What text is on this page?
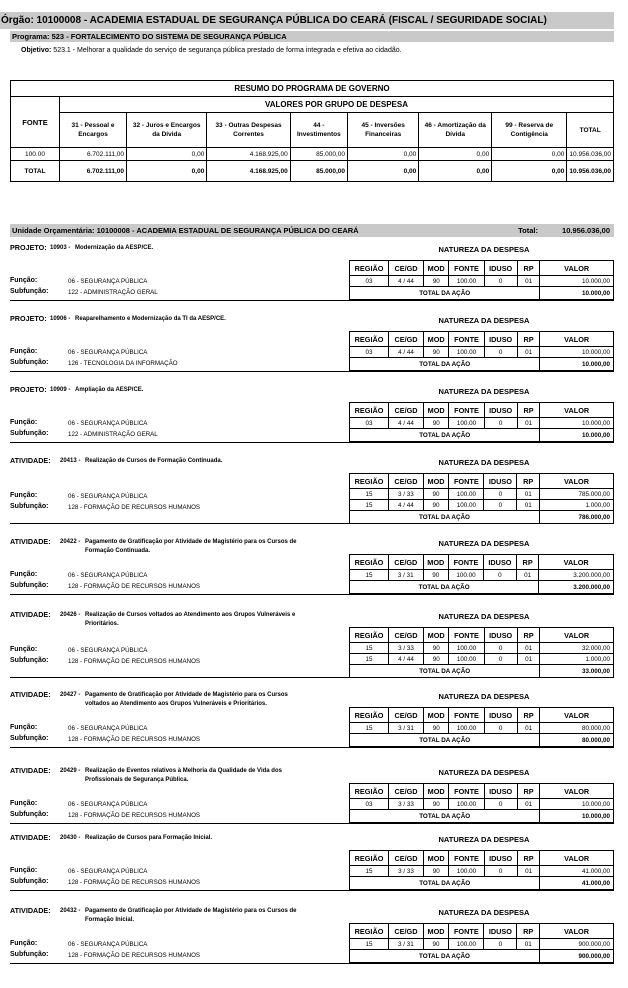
Órgão: 10100008 - ACADEMIA ESTADUAL DE SEGURANÇA PÚBLICA DO CEARÁ (FISCAL / SEGURIDADE SOCIAL)
Programa: 523 - FORTALECIMENTO DO SISTEMA DE SEGURANÇA PÚBLICA
Objetivo: 523.1 - Melhorar a qualidade do serviço de segurança pública prestado de forma integrada e efetiva ao cidadão.
RESUMO DO PROGRAMA DE GOVERNO								
FONTE	VALORES POR GRUPO DE DESPESA							
	31 - Pessoal e Encargos	32 - Juros e Encargos da Dívida	33 - Outras Despesas Correntes	44 - Investimentos	45 - Inversões Financeiras	46 - Amortização da Dívida	99 - Reserva de Contigência	TOTAL
100.00	6.702.111,00	0,00	4.168.925,00	85.000,00	0,00	0,00	0,00	10.956.036,00
TOTAL	6.702.111,00	0,00	4.168.925,00	85.000,00	0,00	0,00	0,00	10.956.036,00
Unidade Orçamentária: 10100008 - ACADEMIA ESTADUAL DE SEGURANÇA PÚBLICA DO CEARÁ	Total:	10.956.036,00
PROJETO: 10903 - Modernização da AESP/CE.	NATUREZA DA DESPESA
Função:	06 - SEGURANÇA PÚBLICA
Subfunção:	122 - ADMINISTRAÇÃO GERAL
REGIÃO	CE/GD	MOD	FONTE	IDUSO	RP	VALOR
03	4 / 44	90	100.00	0	01	10.000,00
TOTAL DA AÇÃO						10.000,00
PROJETO: 10906 - Reaparelhamento e Modernização da TI da AESP/CE.	NATUREZA DA DESPESA
Função:	06 - SEGURANÇA PÚBLICA
Subfunção:	126 - TECNOLOGIA DA INFORMAÇÃO
REGIÃO	CE/GD	MOD	FONTE	IDUSO	RP	VALOR
03	4 / 44	90	100.00	0	01	10.000,00
TOTAL DA AÇÃO						10.000,00
PROJETO: 10909 - Ampliação da AESP/CE.	NATUREZA DA DESPESA
Função:	06 - SEGURANÇA PÚBLICA
Subfunção:	122 - ADMINISTRAÇÃO GERAL
REGIÃO	CE/GD	MOD	FONTE	IDUSO	RP	VALOR
03	4 / 44	90	100.00	0	01	10.000,00
TOTAL DA AÇÃO						10.000,00
ATIVIDADE: 20413 - Realização de Cursos de Formação Continuada.	NATUREZA DA DESPESA
Função:	06 - SEGURANÇA PÚBLICA
Subfunção:	128 - FORMAÇÃO DE RECURSOS HUMANOS
REGIÃO	CE/GD	MOD	FONTE	IDUSO	RP	VALOR
15	3 / 33	90	100.00	0	01	785.000,00
15	4 / 44	90	100.00	0	01	1.000,00
TOTAL DA AÇÃO						786.000,00
ATIVIDADE: 20422 - Pagamento de Gratificação por Atividade de Magistério para os Cursos de
Formação Continuada.
NATUREZA DA DESPESA
Função:	06 - SEGURANÇA PÚBLICA
Subfunção:	128 - FORMAÇÃO DE RECURSOS HUMANOS
REGIÃO	CE/GD	MOD	FONTE	IDUSO	RP	VALOR
15	3 / 31	90	100.00	0	01	3.200.000,00
TOTAL DA AÇÃO						3.200.000,00
ATIVIDADE: 20426 - Realização de Cursos voltados ao Atendimento aos Grupos Vulneráveis e
Prioritários.
NATUREZA DA DESPESA
Função:	06 - SEGURANÇA PÚBLICA
Subfunção:	128 - FORMAÇÃO DE RECURSOS HUMANOS
REGIÃO	CE/GD	MOD	FONTE	IDUSO	RP	VALOR
15	3 / 33	90	100.00	0	01	32.000,00
15	4 / 44	90	100.00	0	01	1.000,00
TOTAL DA AÇÃO						33.000,00
ATIVIDADE: 20427 - Pagamento de Gratificação por Atividade de Magistério para os Cursos
voltados ao Atendimento aos Grupos Vulneráveis e Prioritários.
NATUREZA DA DESPESA
Função:	06 - SEGURANÇA PÚBLICA
Subfunção:	128 - FORMAÇÃO DE RECURSOS HUMANOS
REGIÃO	CE/GD	MOD	FONTE	IDUSO	RP	VALOR
15	3 / 31	90	100.00	0	01	80.000,00
TOTAL DA AÇÃO						80.000,00
ATIVIDADE: 20429 - Realização de Eventos relativos à Melhoria da Qualidade de Vida dos
Profissionais de Segurança Pública.
NATUREZA DA DESPESA
Função:	06 - SEGURANÇA PÚBLICA
Subfunção:	128 - FORMAÇÃO DE RECURSOS HUMANOS
REGIÃO	CE/GD	MOD	FONTE	IDUSO	RP	VALOR
03	3 / 33	90	100.00	0	01	10.000,00
TOTAL DA AÇÃO						10.000,00
ATIVIDADE: 20430 - Realização de Cursos para Formação Inicial.	NATUREZA DA DESPESA
Função:	06 - SEGURANÇA PÚBLICA
Subfunção:	128 - FORMAÇÃO DE RECURSOS HUMANOS
REGIÃO	CE/GD	MOD	FONTE	IDUSO	RP	VALOR
15	3 / 33	90	100.00	0	01	41.000,00
TOTAL DA AÇÃO						41.000,00
ATIVIDADE: 20432 - Pagamento de Gratificação por Atividade de Magistério para os Cursos de
Formação Inicial.
NATUREZA DA DESPESA
Função:	06 - SEGURANÇA PÚBLICA
Subfunção:	128 - FORMAÇÃO DE RECURSOS HUMANOS
REGIÃO	CE/GD	MOD	FONTE	IDUSO	RP	VALOR
15	3 / 31	90	100.00	0	01	900.000,00
TOTAL DA AÇÃO						900.000,00
